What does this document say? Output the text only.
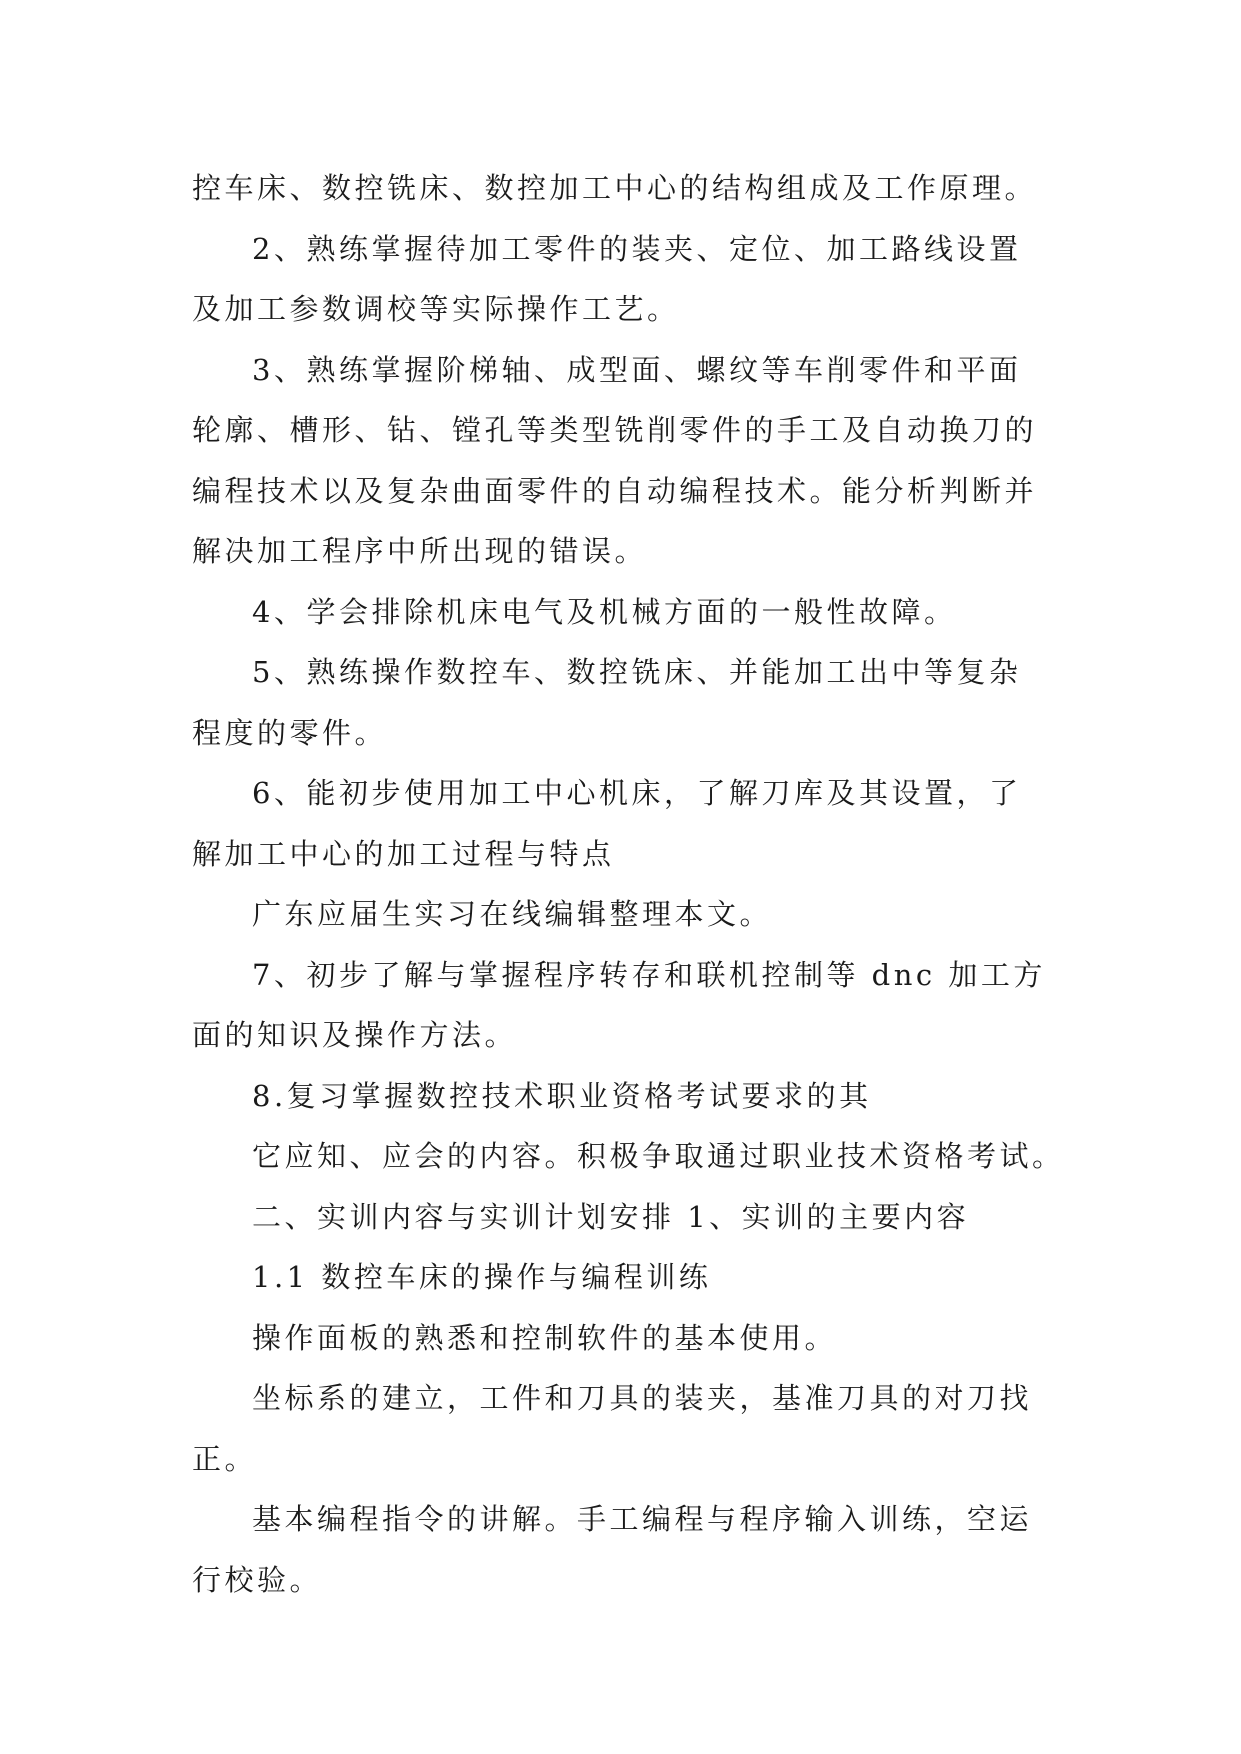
控车床、数控铣床、数控加工中心的结构组成及工作原理。
2、熟练掌握待加工零件的装夹、定位、加工路线设置
及加工参数调校等实际操作工艺。
3、熟练掌握阶梯轴、成型面、螺纹等车削零件和平面
轮廓、槽形、钻、镗孔等类型铣削零件的手工及自动换刀的
编程技术以及复杂曲面零件的自动编程技术。能分析判断并
解决加工程序中所出现的错误。
4、学会排除机床电气及机械方面的一般性故障。
5、熟练操作数控车、数控铣床、并能加工出中等复杂
程度的零件。
6、能初步使用加工中心机床，了解刀库及其设置，了
解加工中心的加工过程与特点
广东应届生实习在线编辑整理本文。
7、初步了解与掌握程序转存和联机控制等 dnc 加工方
面的知识及操作方法。
8.复习掌握数控技术职业资格考试要求的其
它应知、应会的内容。积极争取通过职业技术资格考试。
二、实训内容与实训计划安排 1、实训的主要内容
1.1 数控车床的操作与编程训练
操作面板的熟悉和控制软件的基本使用。
坐标系的建立，工件和刀具的装夹，基准刀具的对刀找
正。
基本编程指令的讲解。手工编程与程序输入训练，空运
行校验。
